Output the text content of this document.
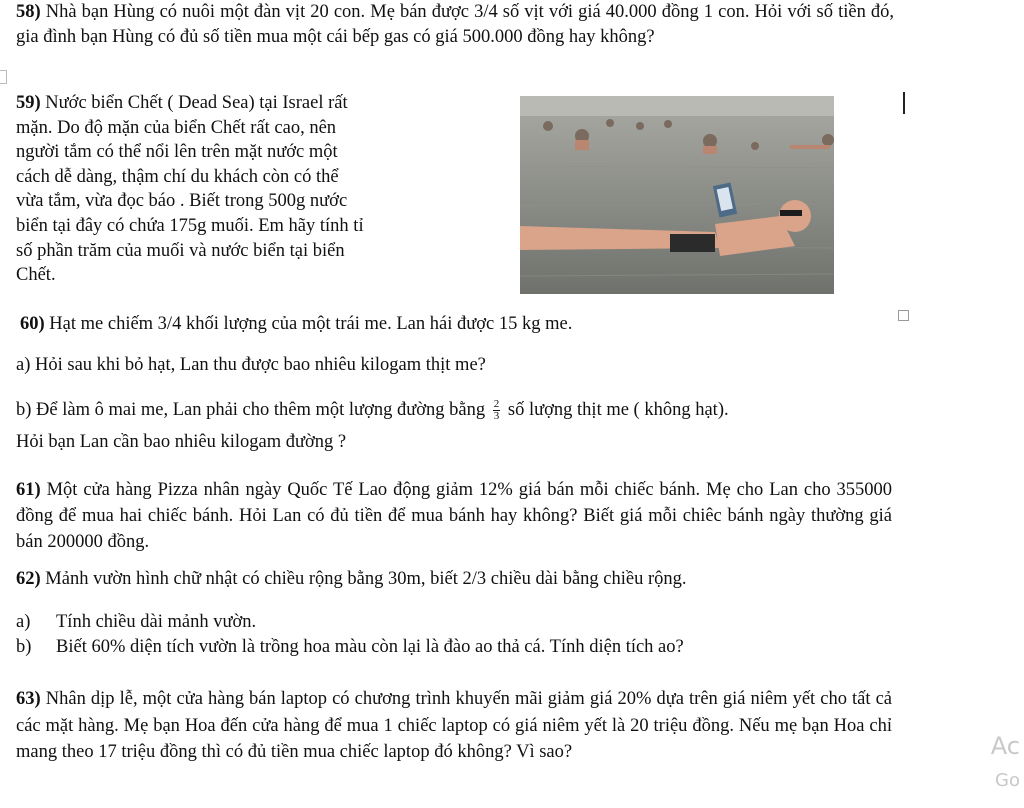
58) Nhà bạn Hùng có nuôi một đàn vịt 20 con. Mẹ bán được 3/4 số vịt với giá 40.000 đồng 1 con. Hỏi với số tiền đó, gia đình bạn Hùng có đủ số tiền mua một cái bếp gas có giá 500.000 đồng hay không?
59) Nước biển Chết ( Dead Sea) tại Israel rất
mặn. Do độ mặn của biển Chết rất cao, nên
người tắm có thể nổi lên trên mặt nước một
cách dễ dàng, thậm chí du khách còn có thể
vừa tắm, vừa đọc báo . Biết trong 500g nước
biển tại đây có chứa 175g muối. Em hãy tính tỉ
số phần trăm của muối và nước biển tại biển
Chết.
60) Hạt me chiếm 3/4 khối lượng của một trái me. Lan hái được 15 kg me.
a) Hỏi sau khi bỏ hạt, Lan thu được bao nhiêu kilogam thịt me?
b) Để làm ô mai me, Lan phải cho thêm một lượng đường bằng $\frac{2}{3}$ số lượng thịt me ( không hạt).
Hỏi bạn Lan cần bao nhiêu kilogam đường ?
61) Một cửa hàng Pizza nhân ngày Quốc Tế Lao động giảm 12% giá bán mỗi chiếc bánh. Mẹ cho Lan cho 355000 đồng để mua hai chiếc bánh. Hỏi Lan có đủ tiền để mua bánh hay không? Biết giá mỗi chiêc bánh ngày thường giá bán 200000 đồng.
62) Mảnh vườn hình chữ nhật có chiều rộng bằng 30m, biết 2/3 chiều dài bằng chiều rộng.
a) Tính chiều dài mảnh vườn.
b) Biết 60% diện tích vườn là trồng hoa màu còn lại là đào ao thả cá. Tính diện tích ao?
63) Nhân dịp lễ, một cửa hàng bán laptop có chương trình khuyến mãi giảm giá 20% dựa trên giá niêm yết cho tất cả các mặt hàng. Mẹ bạn Hoa đến cửa hàng để mua 1 chiếc laptop có giá niêm yết là 20 triệu đồng. Nếu mẹ bạn Hoa chỉ mang theo 17 triệu đồng thì có đủ tiền mua chiếc laptop đó không? Vì sao?	Ac
Go
